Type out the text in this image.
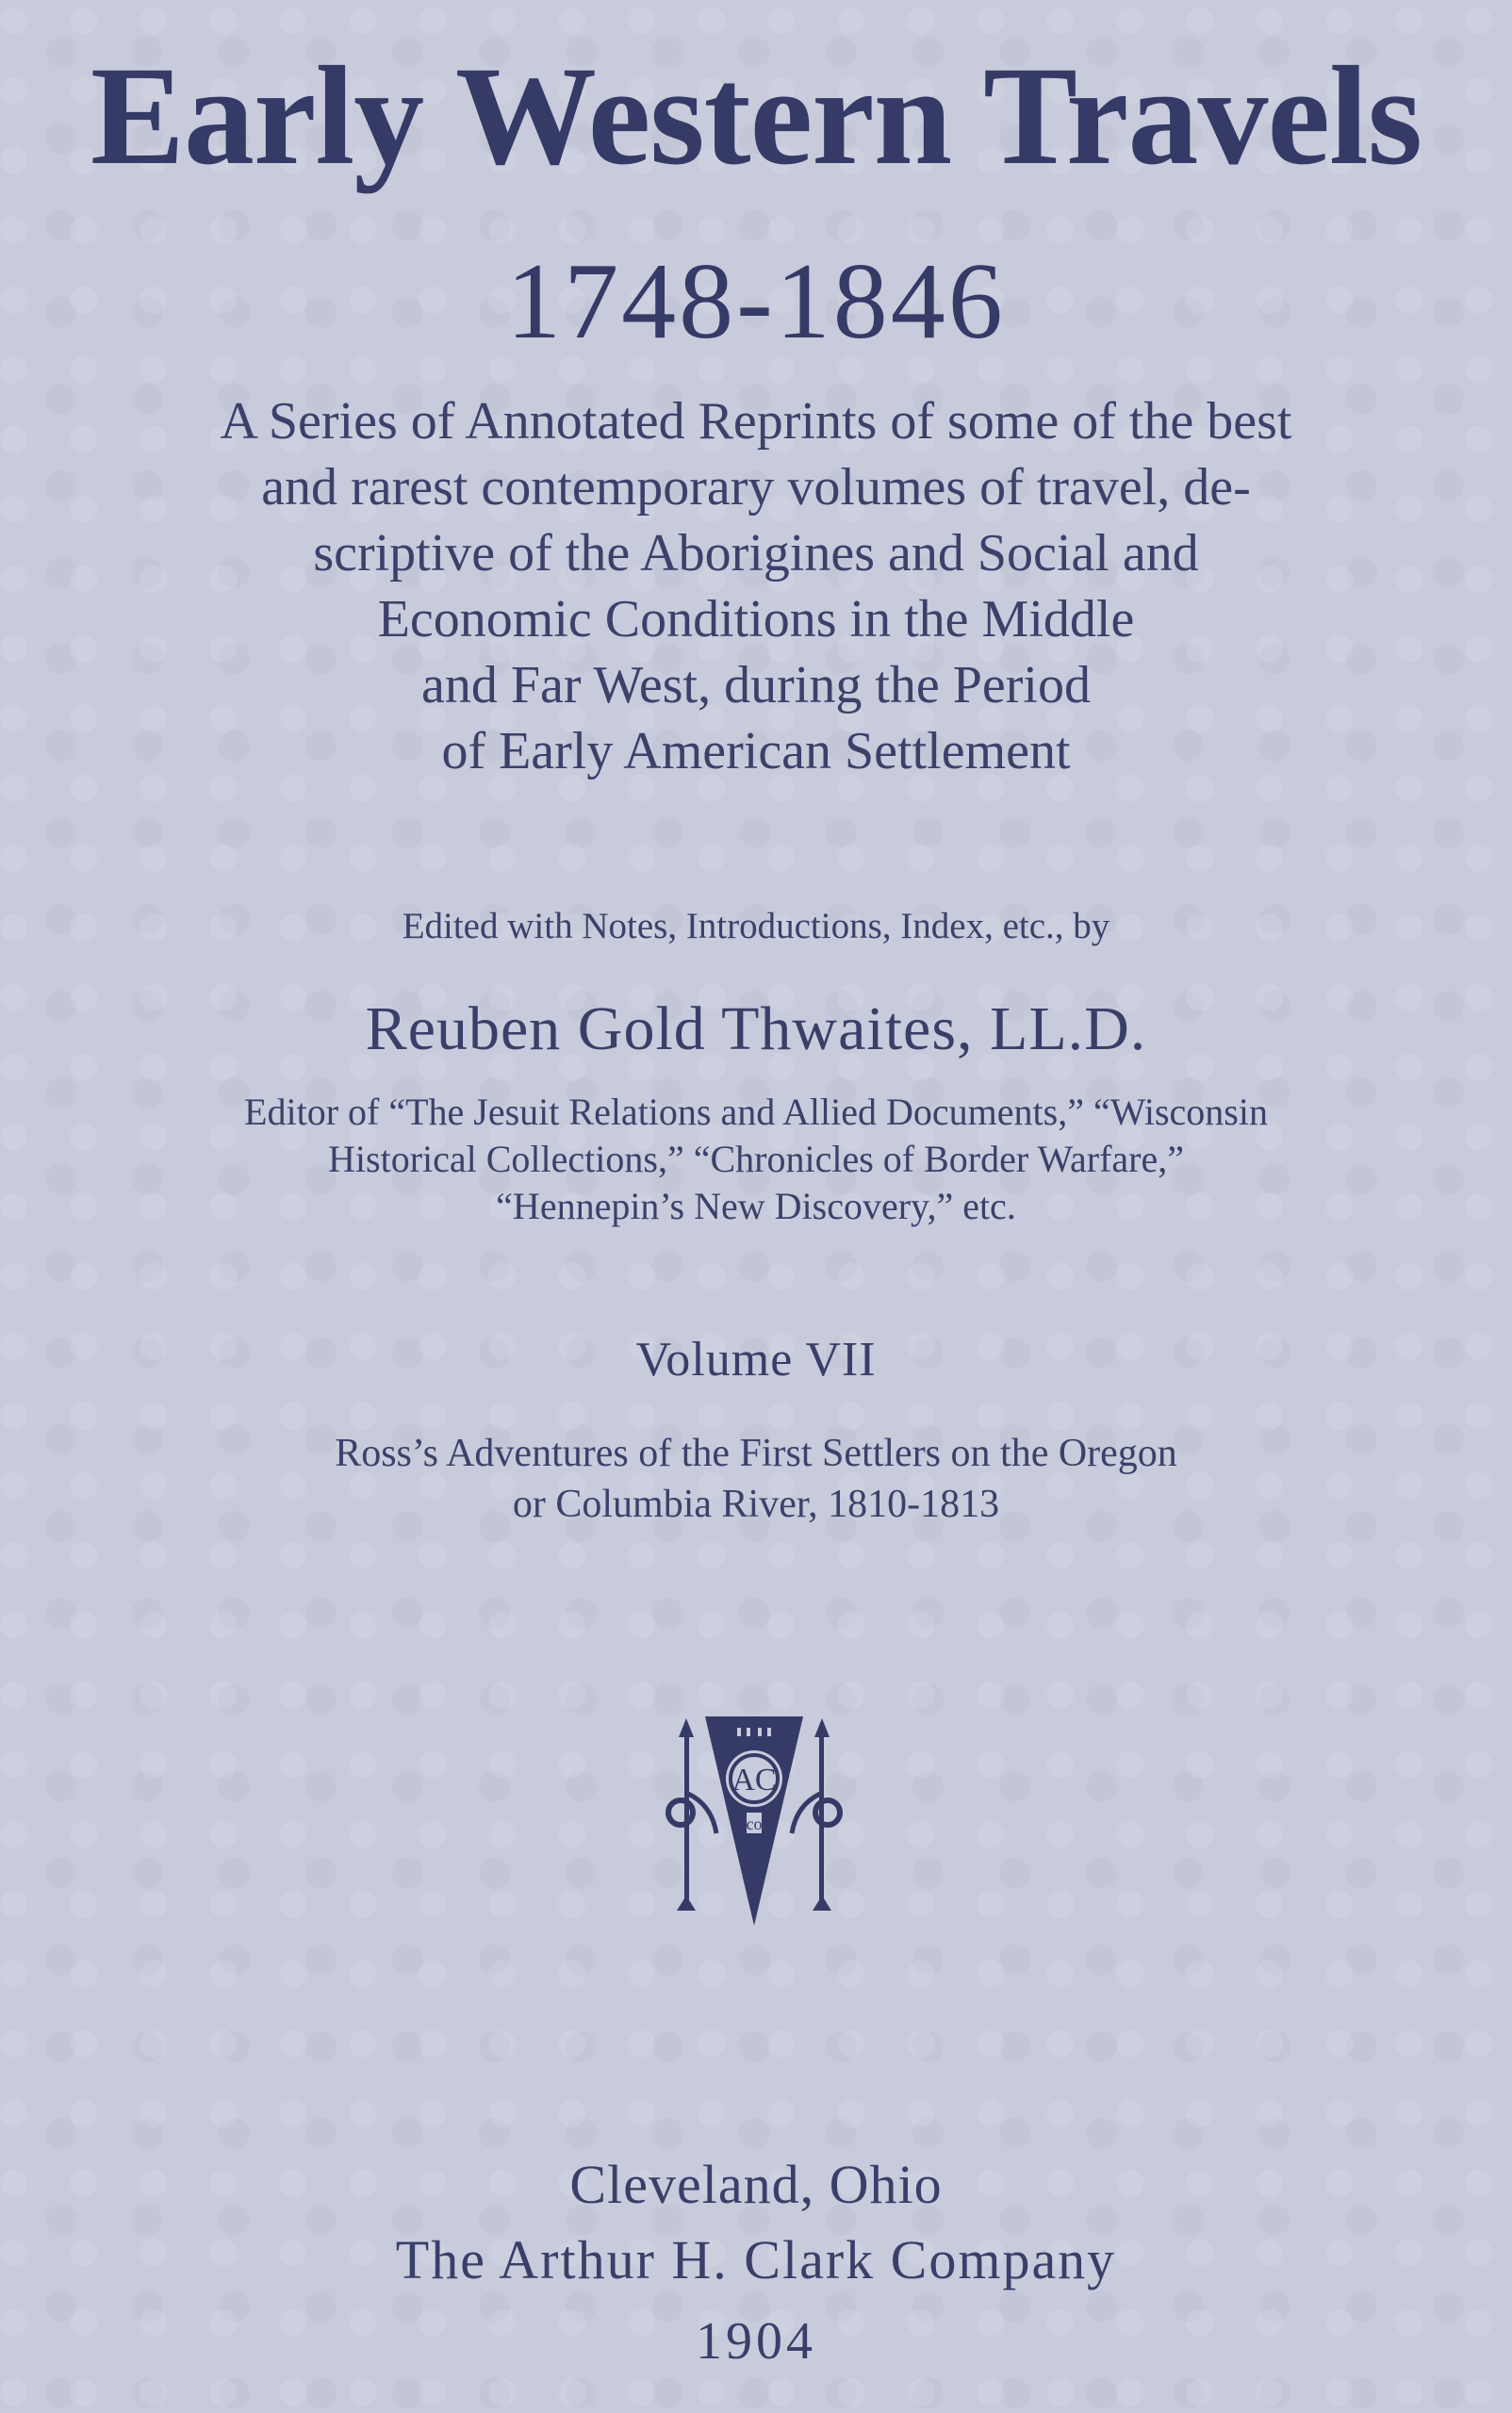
Early Western Travels
1748-1846
A Series of Annotated Reprints of some of the best
and rarest contemporary volumes of travel, de-
scriptive of the Aborigines and Social and
Economic Conditions in the Middle
and Far West, during the Period
of Early American Settlement
Edited with Notes, Introductions, Index, etc., by
Reuben Gold Thwaites, LL.D.
Editor of “The Jesuit Relations and Allied Documents,” “Wisconsin
Historical Collections,” “Chronicles of Border Warfare,”
“Hennepin’s New Discovery,” etc.
Volume VII
Ross’s Adventures of the First Settlers on the Oregon
or Columbia River, 1810-1813
AC
co
Cleveland, Ohio
The Arthur H. Clark Company
1904
